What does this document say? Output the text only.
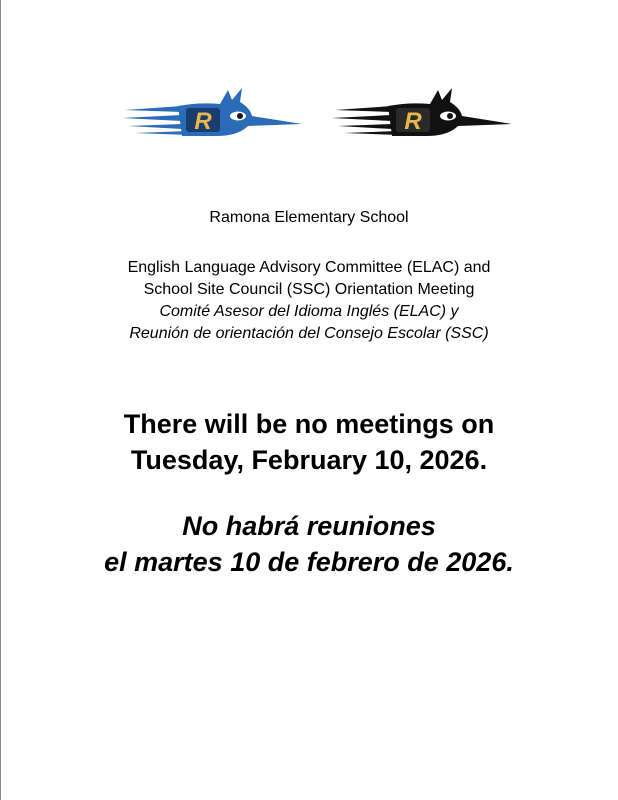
R	R
Ramona Elementary School
English Language Advisory Committee (ELAC) and
School Site Council (SSC) Orientation Meeting
Comité Asesor del Idioma Inglés (ELAC) y
Reunión de orientación del Consejo Escolar (SSC)
There will be no meetings on
Tuesday, February 10, 2026.
No habrá reuniones
el martes 10 de febrero de 2026.
